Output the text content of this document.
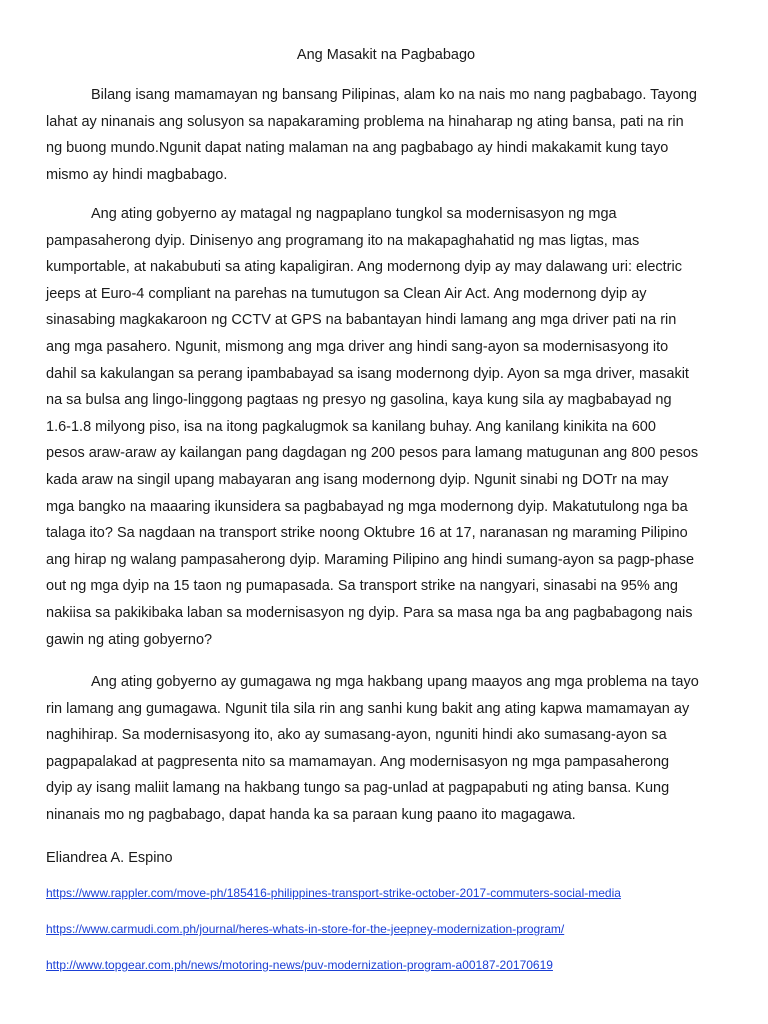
Ang Masakit na Pagbabago
Bilang isang mamamayan ng bansang Pilipinas, alam ko na nais mo nang pagbabago. Tayong
lahat ay ninanais ang solusyon sa napakaraming problema na hinaharap ng ating bansa, pati na rin
ng buong mundo.Ngunit dapat nating malaman na ang pagbabago ay hindi makakamit kung tayo
mismo ay hindi magbabago.
Ang ating gobyerno ay matagal ng nagpaplano tungkol sa modernisasyon ng mga
pampasaherong dyip. Dinisenyo ang programang ito na makapaghahatid ng mas ligtas, mas
kumportable, at nakabubuti sa ating kapaligiran. Ang modernong dyip ay may dalawang uri: electric
jeeps at Euro-4 compliant na parehas na tumutugon sa Clean Air Act. Ang modernong dyip ay
sinasabing magkakaroon ng CCTV at GPS na babantayan hindi lamang ang mga driver pati na rin
ang mga pasahero. Ngunit, mismong ang mga driver ang hindi sang-ayon sa modernisasyong ito
dahil sa kakulangan sa perang ipambabayad sa isang modernong dyip. Ayon sa mga driver, masakit
na sa bulsa ang lingo-linggong pagtaas ng presyo ng gasolina, kaya kung sila ay magbabayad ng
1.6-1.8 milyong piso, isa na itong pagkalugmok sa kanilang buhay. Ang kanilang kinikita na 600
pesos araw-araw ay kailangan pang dagdagan ng 200 pesos para lamang matugunan ang 800 pesos
kada araw na singil upang mabayaran ang isang modernong dyip. Ngunit sinabi ng DOTr na may
mga bangko na maaaring ikunsidera sa pagbabayad ng mga modernong dyip. Makatutulong nga ba
talaga ito? Sa nagdaan na transport strike noong Oktubre 16 at 17, naranasan ng maraming Pilipino
ang hirap ng walang pampasaherong dyip. Maraming Pilipino ang hindi sumang-ayon sa pagp-phase
out ng mga dyip na 15 taon ng pumapasada. Sa transport strike na nangyari, sinasabi na 95% ang
nakiisa sa pakikibaka laban sa modernisasyon ng dyip. Para sa masa nga ba ang pagbabagong nais
gawin ng ating gobyerno?
Ang ating gobyerno ay gumagawa ng mga hakbang upang maayos ang mga problema na tayo
rin lamang ang gumagawa. Ngunit tila sila rin ang sanhi kung bakit ang ating kapwa mamamayan ay
naghihirap. Sa modernisasyong ito, ako ay sumasang-ayon, nguniti hindi ako sumasang-ayon sa
pagpapalakad at pagpresenta nito sa mamamayan. Ang modernisasyon ng mga pampasaherong
dyip ay isang maliit lamang na hakbang tungo sa pag-unlad at pagpapabuti ng ating bansa. Kung
ninanais mo ng pagbabago, dapat handa ka sa paraan kung paano ito magagawa.
Eliandrea A. Espino
https://www.rappler.com/move-ph/185416-philippines-transport-strike-october-2017-commuters-social-media
https://www.carmudi.com.ph/journal/heres-whats-in-store-for-the-jeepney-modernization-program/
http://www.topgear.com.ph/news/motoring-news/puv-modernization-program-a00187-20170619
